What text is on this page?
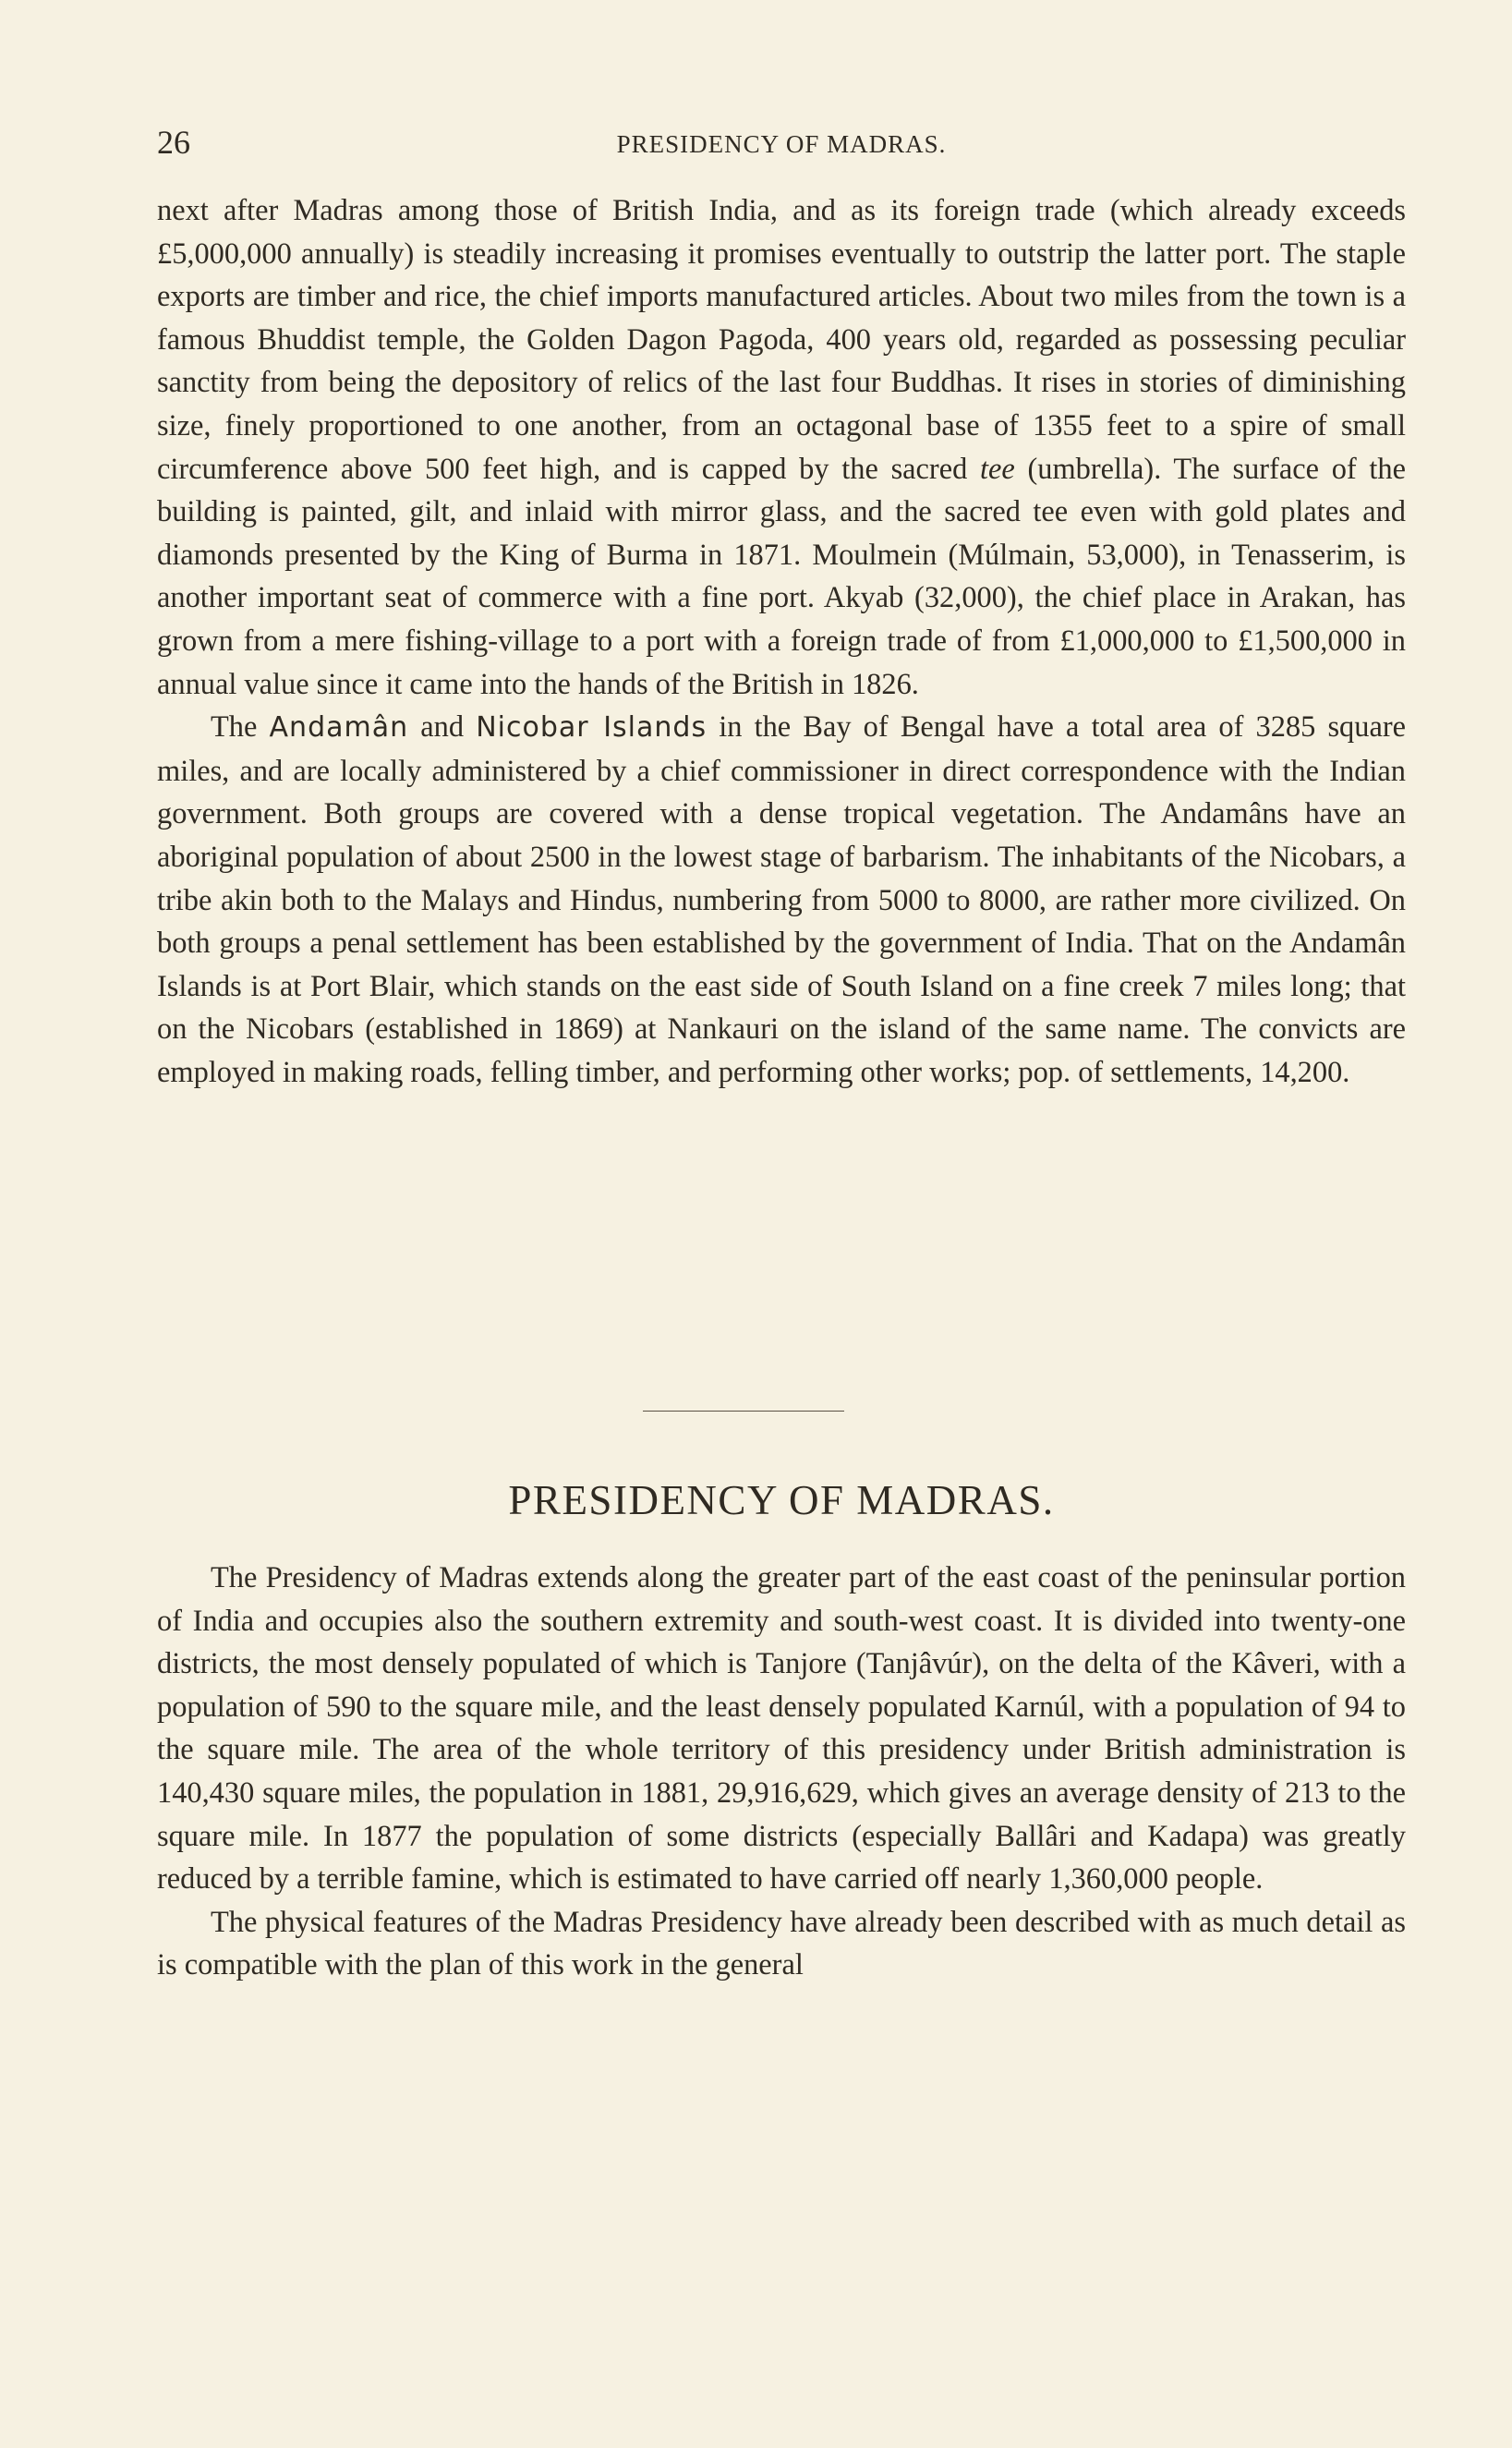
26	PRESIDENCY OF MADRAS.

next after Madras among those of British India, and as its foreign trade (which already exceeds £5,000,000 annually) is steadily increasing it promises eventually to outstrip the latter port. The staple exports are timber and rice, the chief imports manufactured articles. About two miles from the town is a famous Bhuddist temple, the Golden Dagon Pagoda, 400 years old, regarded as possessing peculiar sanctity from being the depository of relics of the last four Buddhas. It rises in stories of diminishing size, finely proportioned to one another, from an octagonal base of 1355 feet to a spire of small circumference above 500 feet high, and is capped by the sacred tee (umbrella). The surface of the building is painted, gilt, and inlaid with mirror glass, and the sacred tee even with gold plates and diamonds presented by the King of Burma in 1871. Moulmein (Múlmain, 53,000), in Tenasserim, is another important seat of commerce with a fine port. Akyab (32,000), the chief place in Arakan, has grown from a mere fishing-village to a port with a foreign trade of from £1,000,000 to £1,500,000 in annual value since it came into the hands of the British in 1826.

The Andamân and Nicobar Islands in the Bay of Bengal have a total area of 3285 square miles, and are locally administered by a chief commissioner in direct correspondence with the Indian government. Both groups are covered with a dense tropical vegetation. The Andamâns have an aboriginal population of about 2500 in the lowest stage of barbarism. The inhabitants of the Nicobars, a tribe akin both to the Malays and Hindus, numbering from 5000 to 8000, are rather more civilized. On both groups a penal settlement has been established by the government of India. That on the Andamân Islands is at Port Blair, which stands on the east side of South Island on a fine creek 7 miles long; that on the Nicobars (established in 1869) at Nankauri on the island of the same name. The convicts are employed in making roads, felling timber, and performing other works; pop. of settlements, 14,200.

PRESIDENCY OF MADRAS.

The Presidency of Madras extends along the greater part of the east coast of the peninsular portion of India and occupies also the southern extremity and south-west coast. It is divided into twenty-one districts, the most densely populated of which is Tanjore (Tanjâvúr), on the delta of the Kâveri, with a population of 590 to the square mile, and the least densely populated Karnúl, with a population of 94 to the square mile. The area of the whole territory of this presidency under British administration is 140,430 square miles, the population in 1881, 29,916,629, which gives an average density of 213 to the square mile. In 1877 the population of some districts (especially Ballâri and Kadapa) was greatly reduced by a terrible famine, which is estimated to have carried off nearly 1,360,000 people.

The physical features of the Madras Presidency have already been described with as much detail as is compatible with the plan of this work in the general
